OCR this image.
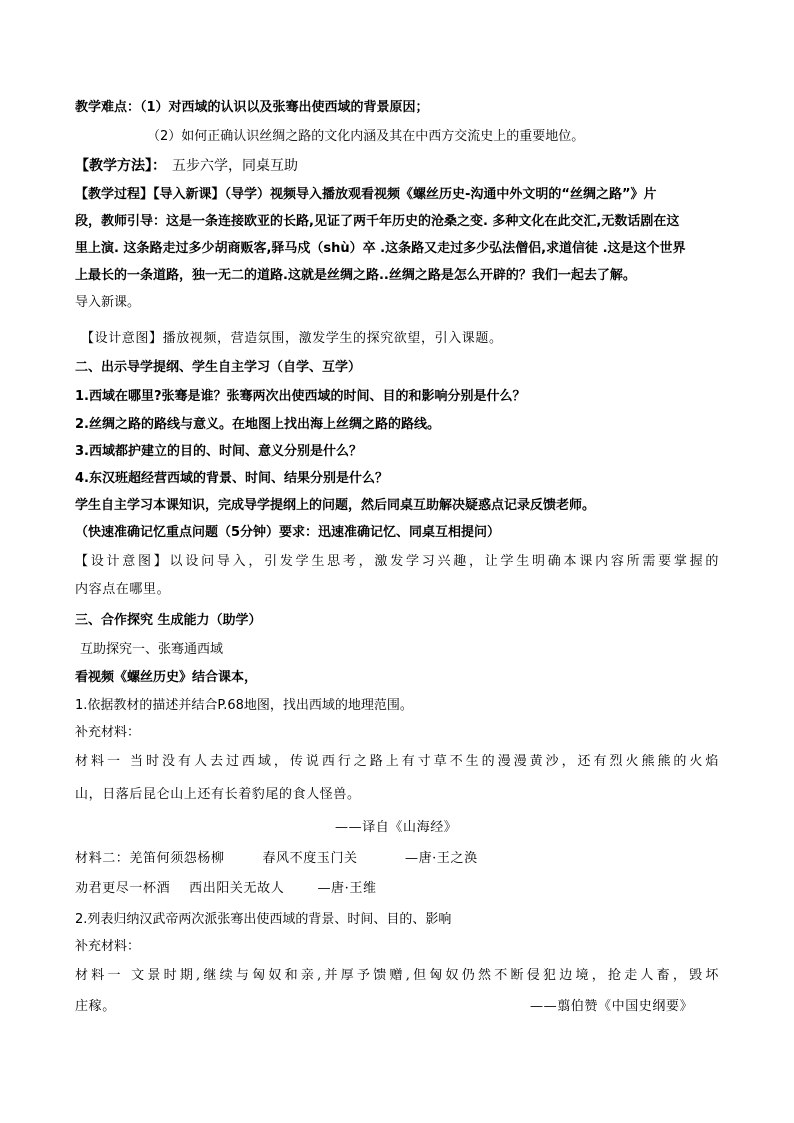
教学难点：（1）对西域的认识以及张骞出使西域的背景原因；
（2）如何正确认识丝绸之路的文化内涵及其在中西方交流史上的重要地位。
【教学方法】： 五步六学，同桌互助
【教学过程】【导入新课】（导学）视频导入播放观看视频《螺丝历史-沟通中外文明的“丝绸之路”》片
段，教师引导：这是一条连接欧亚的长路,见证了两千年历史的沧桑之变. 多种文化在此交汇,无数话剧在这
里上演. 这条路走过多少胡商贩客,驿马戍（shù）卒 .这条路又走过多少弘法僧侣,求道信徒 .这是这个世界
上最长的一条道路，独一无二的道路.这就是丝绸之路..丝绸之路是怎么开辟的？我们一起去了解。
导入新课。
【设计意图】播放视频，营造氛围，激发学生的探究欲望，引入课题。
二、出示导学提纲、学生自主学习（自学、互学）
1.西域在哪里?张骞是谁？张骞两次出使西域的时间、目的和影响分别是什么？
2.丝绸之路的路线与意义。在地图上找出海上丝绸之路的路线。
3.西域都护建立的目的、时间、意义分别是什么？
4.东汉班超经营西域的背景、时间、结果分别是什么？
学生自主学习本课知识，完成导学提纲上的问题，然后同桌互助解决疑惑点记录反馈老师。
（快速准确记忆重点问题（5分钟）要求：迅速准确记忆、同桌互相提问）
【设计意图】以设问导入，引发学生思考，激发学习兴趣，让学生明确本课内容所需要掌握的
内容点在哪里。
三、合作探究 生成能力（助学）
互助探究一、张骞通西域
看视频《螺丝历史》结合课本，
1.依据教材的描述并结合P.68地图，找出西域的地理范围。
补充材料：
材料一 当时没有人去过西域，传说西行之路上有寸草不生的漫漫黄沙，还有烈火熊熊的火焰
山，日落后昆仑山上还有长着豹尾的食人怪兽。
——译自《山海经》
材料二：羌笛何须怨杨柳        春风不度玉门关          —唐·王之涣
劝君更尽一杯酒    西出阳关无故人       —唐·王维
2.列表归纳汉武帝两次派张骞出使西域的背景、时间、目的、影响
补充材料：
材料一 文景时期,继续与匈奴和亲,并厚予馈赠,但匈奴仍然不断侵犯边境，抢走人畜，毁坏
庄稼。	——翦伯赞《中国史纲要》
